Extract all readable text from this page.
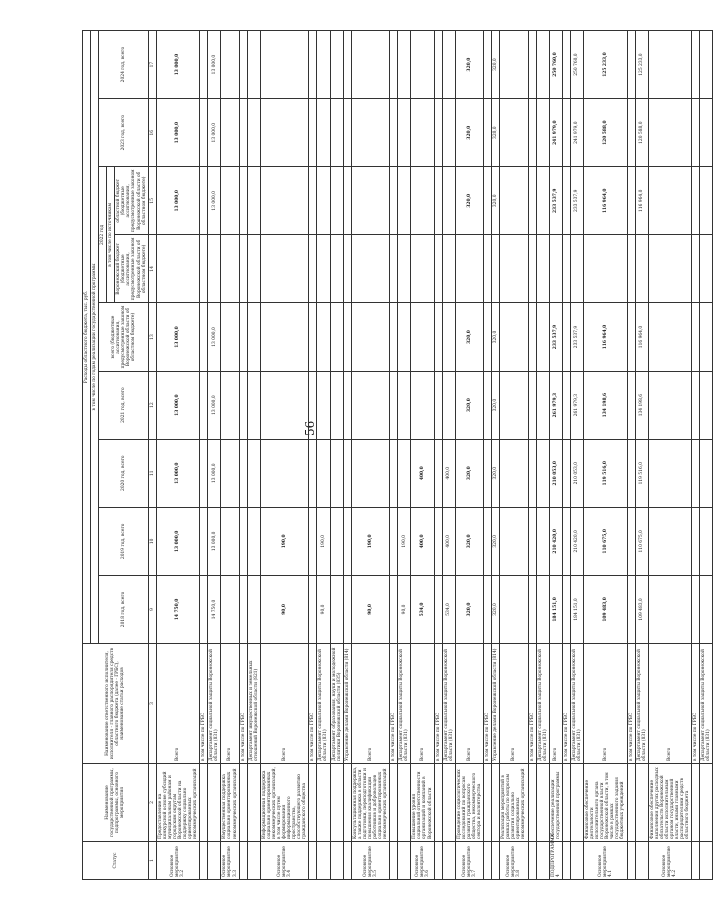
56
Статус	Наименование государственной программы, подпрограммы, основного мероприятия	Наименование ответственного исполнителя, исполнителя - главного распорядителя средств областного бюджета (далее - ГРБС), наименование статьи расходов	Расходы областного бюджета, тыс. руб.								
			в том числе по годам реализации государственной программы								
			2018 год, всего	2019 год, всего	2020 год, всего	2021 год, всего	всего (бюджетные ассигнования, предусмотренные законом Воронежской области об областном бюджете)	2022 год		2023 год, всего	2024 год, всего
								в том числе по источникам			
								Воронежский бюджет (бюджетные ассигнования, предусмотренные законом Воронежской области об областном бюджете)	областной бюджет (бюджетные ассигнования, предусмотренные законом Воронежской области об областном бюджете)		
1	2	3	9	10	11	12	13	14	15	16	17
Основное мероприятие 3.2	Предоставление на конкурсной основе субсидий муниципальным районам и городским округам Воронежской области на поддержку социально ориентированных некоммерческих организаций	Всего	14 750,0	13 000,0	13 000,0	13 000,0	13 000,0		13 000,0	13 000,0	13 000,0
		в том числе по ГРБС									
		Департамент социальной защиты Воронежской области (831)	14 750,0	13 000,0	13 000,0	13 000,0	13 000,0		13 000,0	13 000,0	13 000,0
Основное мероприятие 3.3	Имущественная поддержка социально ориентированных некоммерческих организаций	Всего									
		в том числе по ГРБС									
		Департамент имущественных и земельных отношений Воронежской области (821)									
Основное мероприятие 3.4	Информационная поддержка социально ориентированных некоммерческих организаций, в том числе путем формирования информационного пространства, способствующего развитию гражданского общества	Всего	90,0	190,0							
		в том числе по ГРБС									
		Департамент социальной защиты Воронежской области (831)	90,0	190,0							
		Департамент образования, науки и молодежной политики Воронежской области (835)									
		Управление делами Воронежской области (814)									
Основное мероприятие 3.5	Консультационная поддержка, а также поддержка в области подготовки, переподготовки и повышения квалификации работников и добровольцев социально ориентированных некоммерческих организаций	Всего	90,0	190,0							
		в том числе по ГРБС									
		Департамент социальной защиты Воронежской области (831)	90,0	190,0							
Основное мероприятие 3.6	Повышение уровня социальной ответственности организаций и компаний в Воронежской области	Всего	534,0	400,0	400,0						
		в том числе по ГРБС									
		Департамент социальной защиты Воронежской области (831)	534,0	400,0	400,0						
Основное мероприятие 3.7	Проведение социологических исследований по вопросам развития гражданского общества, некоммерческого сектора и волонтерства	Всего	320,0	320,0	320,0	320,0	320,0		320,0	320,0	320,0
		в том числе по ГРБС									
		Управление делами Воронежской области (814)	320,0	320,0	320,0	320,0	320,0		320,0	320,0	320,0
Основное мероприятие 3.8	Реализация мероприятий в рамках работы по вопросам развития социально ориентированных некоммерческих организаций	Всего									
		в том числе по ГРБС									
		Департамент социальной защиты Воронежской области (831)									
ПОДПРОГРАММА 4	Обеспечение реализации государственной программы	Всего	184 151,0	210 420,0	210 053,0	261 979,3	233 537,9		233 537,9	241 979,0	250 760,0
		в том числе по ГРБС									
		Департамент социальной защиты Воронежской области (831)	184 151,0	210 420,0	210 053,0	261 979,3	233 537,9		233 537,9	241 979,0	250 760,0
Основное мероприятие 4.1	Финансовое обеспечение деятельности исполнительного органа государственной власти Воронежской области, в том числе в рамках государственного задания бюджетных учреждений	Всего	109 483,0	110 675,0	119 516,0	134 198,6	116 964,0		116 964,0	120 588,0	125 233,0
		в том числе по ГРБС									
		Департамент социальной защиты Воронежской области (831)	109 483,0	110 675,0	119 516,0	134 198,6	116 964,0		116 964,0	120 588,0	125 233,0
Основное мероприятие 4.2	Финансовое обеспечение выполнения других расходных обязательств Воронежской области исполнительным органом государственной власти, иными главными распорядителями средств областного бюджета	Всего									
		в том числе по ГРБС									
		Департамент социальной защиты Воронежской области (831)									
